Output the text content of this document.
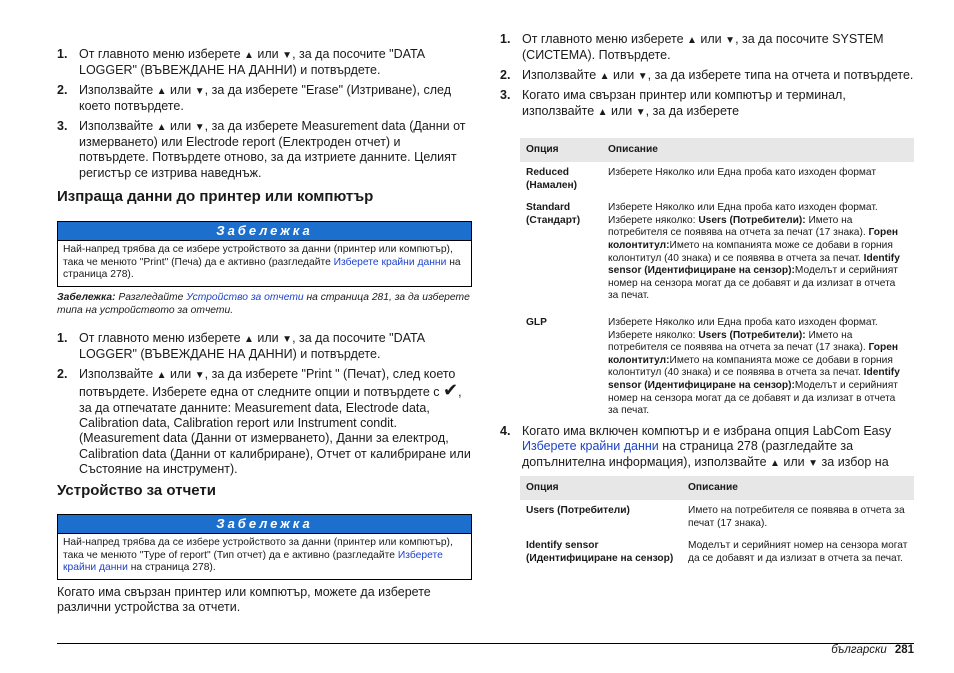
1. От главното меню изберете ▲ или ▼, за да посочите "DATA LOGGER" (ВЪВЕЖДАНЕ НА ДАННИ) и потвърдете.
2. Използвайте ▲ или ▼, за да изберете "Erase" (Изтриване), след което потвърдете.
3. Използвайте ▲ или ▼, за да изберете Measurement data (Данни от измерването) или Electrode report (Електроден отчет) и потвърдете. Потвърдете отново, за да изтриете данните. Целият регистър се изтрива наведнъж.
Изпраща данни до принтер или компютър
Забележка
Най-напред трябва да се избере устройството за данни (принтер или компютър), така че менюто "Print" (Печа) да е активно (разгледайте Изберете крайни данни на страница 278).
Забележка: Разгледайте Устройство за отчети на страница 281, за да изберете типа на устройството за отчети.
1. От главното меню изберете ▲ или ▼, за да посочите "DATA LOGGER" (ВЪВЕЖДАНЕ НА ДАННИ) и потвърдете.
2. Използвайте ▲ или ▼, за да изберете "Print " (Печат), след което потвърдете. Изберете една от следните опции и потвърдете с ✔, за да отпечатате данните: Measurement data, Electrode data, Calibration data, Calibration report или Instrument condit. (Measurement data (Данни от измерването), Данни за електрод, Calibration data (Данни от калибриране), Отчет от калибриране или Състояние на инструмент).
Устройство за отчети
Забележка
Най-напред трябва да се избере устройството за данни (принтер или компютър), така че менюто "Type of report" (Тип отчет) да е активно (разгледайте Изберете крайни данни на страница 278).
Когато има свързан принтер или компютър, можете да изберете различни устройства за отчети.
1. От главното меню изберете ▲ или ▼, за да посочите SYSTEM (СИСТЕМА). Потвърдете.
2. Използвайте ▲ или ▼, за да изберете типа на отчета и потвърдете.
3. Когато има свързан принтер или компютър и терминал, използвайте ▲ или ▼, за да изберете
Опция	Описание
Reduced (Намален)	Изберете Няколко или Една проба като изходен формат
Standard (Стандарт)	Изберете Няколко или Една проба като изходен формат. Изберете няколко: Users (Потребители): Името на потребителя се появява на отчета за печат (17 знака). Горен колонтитул:Името на компанията може се добави в горния колонтитул (40 знака) и се появява в отчета за печат. Identify sensor (Идентифициране на сензор):Моделът и серийният номер на сензора могат да се добавят и да излизат в отчета за печат.
GLP	Изберете Няколко или Една проба като изходен формат. Изберете няколко: Users (Потребители): Името на потребителя се появява на отчета за печат (17 знака). Горен колонтитул:Името на компанията може се добави в горния колонтитул (40 знака) и се появява в отчета за печат. Identify sensor (Идентифициране на сензор):Моделът и серийният номер на сензора могат да се добавят и да излизат в отчета за печат.
4. Когато има включен компютър и е избрана опция LabCom Easy Изберете крайни данни на страница 278 (разгледайте за допълнителна информация), използвайте ▲ или ▼ за избор на
Опция	Описание
Users (Потребители)	Името на потребителя се появява в отчета за печат (17 знака).
Identify sensor (Идентифициране на сензор)	Моделът и серийният номер на сензора могат да се добавят и да излизат в отчета за печат.
български 281
